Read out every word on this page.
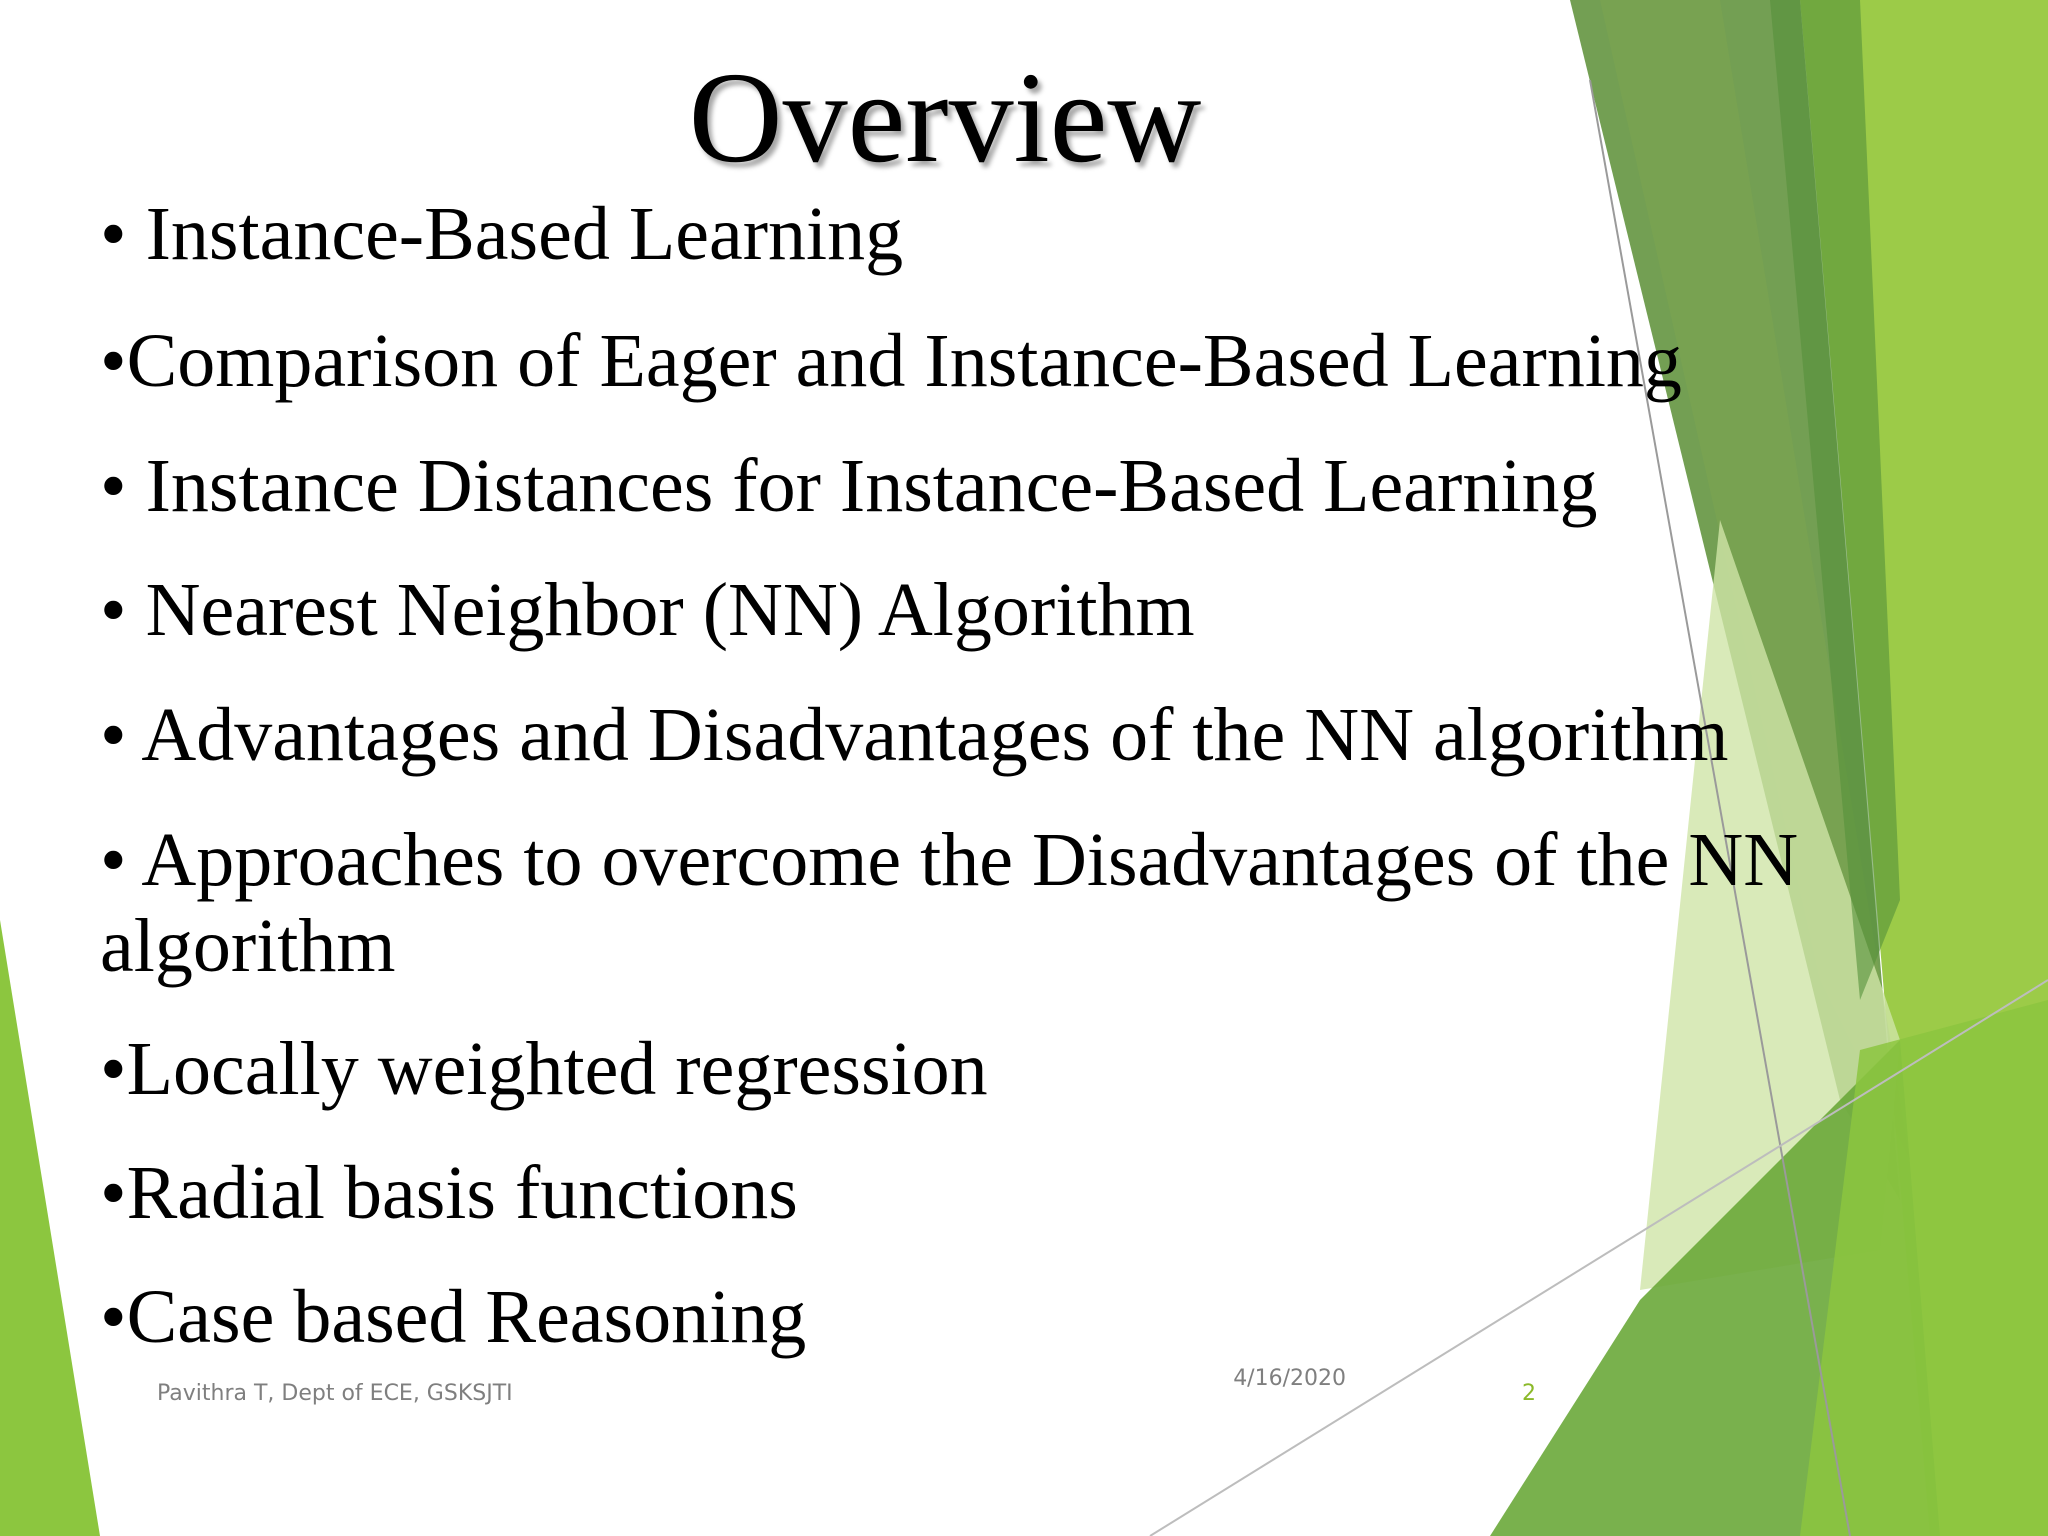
Overview
• Instance-Based Learning
•Comparison of Eager and Instance-Based Learning
• Instance Distances for Instance-Based Learning
• Nearest Neighbor (NN) Algorithm
• Advantages and Disadvantages of the NN algorithm
• Approaches to overcome the Disadvantages of the NN algorithm
•Locally weighted regression
•Radial basis functions
•Case based Reasoning
Pavithra T, Dept of ECE, GSKSJTI
4/16/2020
2
